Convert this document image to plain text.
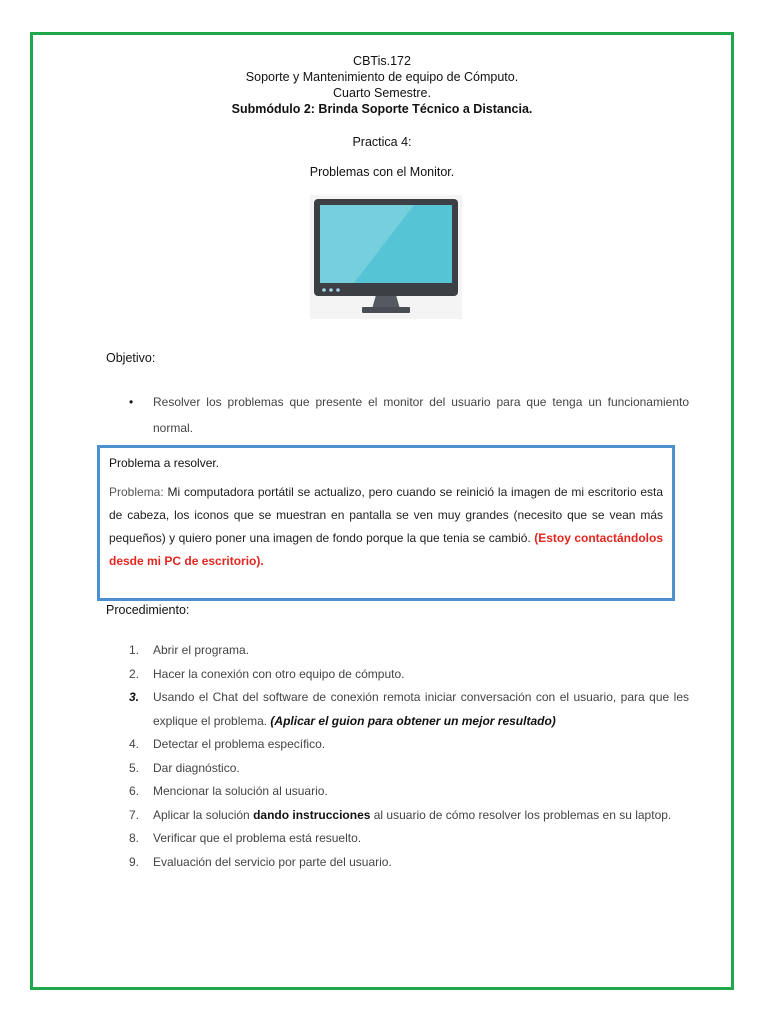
CBTis.172
Soporte y Mantenimiento de equipo de Cómputo.
Cuarto Semestre.
Submódulo 2: Brinda Soporte Técnico a Distancia.
Practica 4:
Problemas con el Monitor.
Objetivo:
• Resolver los problemas que presente el monitor del usuario para que tenga un funcionamiento normal.
Problema a resolver.
Problema: Mi computadora portátil se actualizo, pero cuando se reinició la imagen de mi escritorio esta de cabeza, los iconos que se muestran en pantalla se ven muy grandes (necesito que se vean más pequeños) y quiero poner una imagen de fondo porque la que tenia se cambió. (Estoy contactándolos desde mi PC de escritorio).
Procedimiento:
1.	Abrir el programa.
2.	Hacer la conexión con otro equipo de cómputo.
3.	Usando el Chat del software de conexión remota iniciar conversación con el usuario, para que les explique el problema. (Aplicar el guion para obtener un mejor resultado)
4.	Detectar el problema específico.
5.	Dar diagnóstico.
6.	Mencionar la solución al usuario.
7.	Aplicar la solución dando instrucciones al usuario de cómo resolver los problemas en su laptop.
8.	Verificar que el problema está resuelto.
9.	Evaluación del servicio por parte del usuario.
